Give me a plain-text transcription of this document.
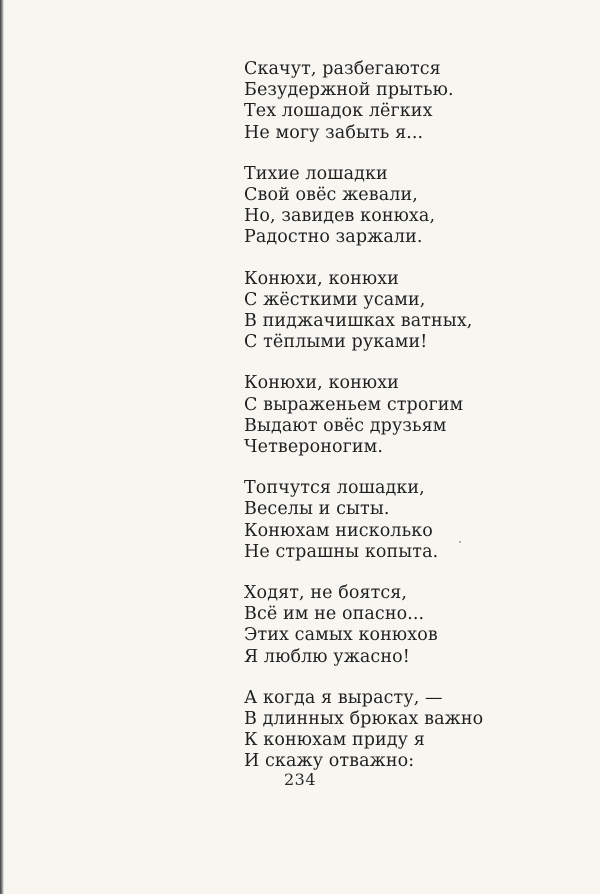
Скачут, разбегаются
Безудержной прытью.
Тех лошадок лёгких
Не могу забыть я...

Тихие лошадки
Свой овёс жевали,
Но, завидев конюха,
Радостно заржали.

Конюхи, конюхи
С жёсткими усами,
В пиджачишках ватных,
С тёплыми руками!

Конюхи, конюхи
С выраженьем строгим
Выдают овёс друзьям
Четвероногим.

Топчутся лошадки,
Веселы и сыты.
Конюхам нисколько
Не страшны копыта.

Ходят, не боятся,
Всё им не опасно...
Этих самых конюхов
Я люблю ужасно!

А когда я вырасту, —
В длинных брюках важно
К конюхам приду я
И скажу отважно:

234
